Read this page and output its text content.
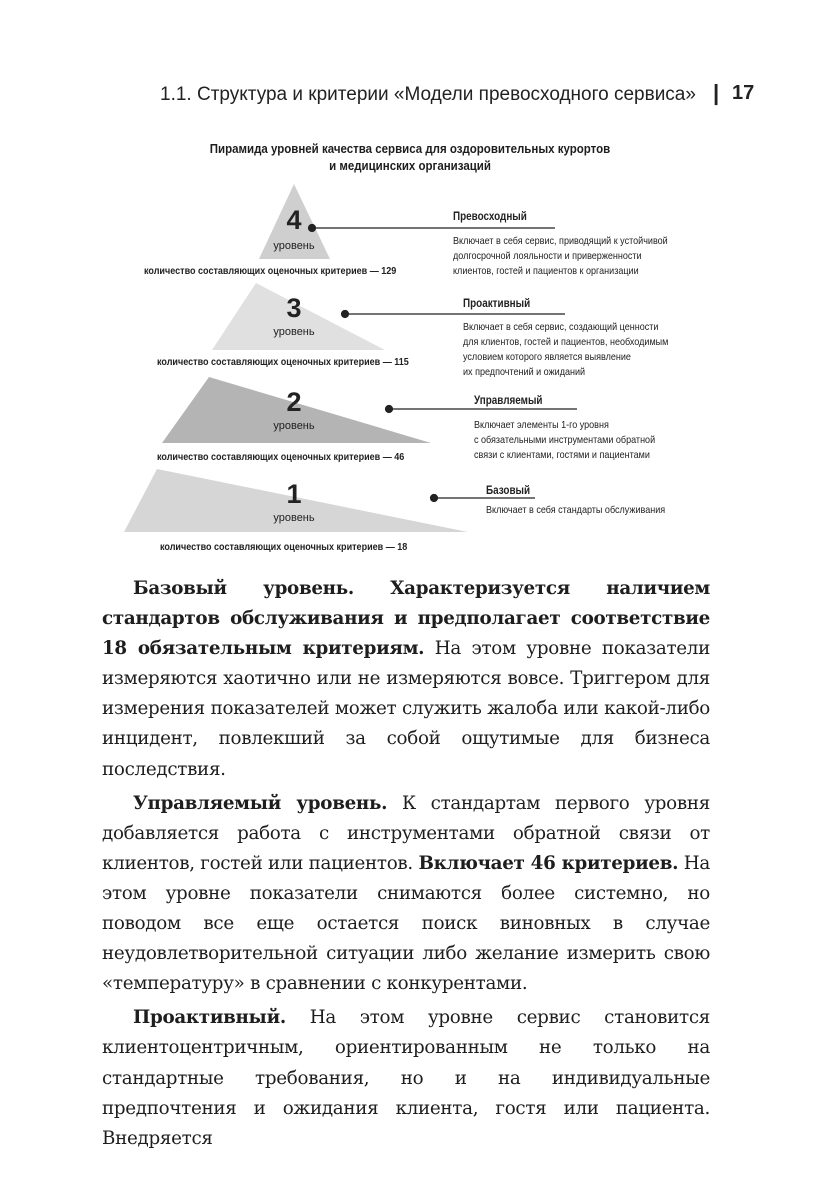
1.1. Структура и критерии «Модели превосходного сервиса» | 17
Пирамида уровней качества сервиса для оздоровительных курортов
и медицинских организаций
4
уровень
количество составляющих оценочных критериев — 129
Превосходный
Включает в себя сервис, приводящий к устойчивой
долгосрочной лояльности и приверженности
клиентов, гостей и пациентов к организации
3
уровень
количество составляющих оценочных критериев — 115
Проактивный
Включает в себя сервис, создающий ценности
для клиентов, гостей и пациентов, необходимым
условием которого является выявление
их предпочтений и ожиданий
2
уровень
количество составляющих оценочных критериев — 46
Управляемый
Включает элементы 1-го уровня
с обязательными инструментами обратной
связи с клиентами, гостями и пациентами
1
уровень
количество составляющих оценочных критериев — 18
Базовый
Включает в себя стандарты обслуживания

Базовый уровень. Характеризуется наличием стандартов обслуживания и предполагает соответствие 18 обязательным критериям. На этом уровне показатели измеряются хаотично или не измеряются вовсе. Триггером для измерения показателей может служить жалоба или какой-либо инцидент, повлекший за собой ощутимые для бизнеса последствия.

Управляемый уровень. К стандартам первого уровня добавляется работа с инструментами обратной связи от клиентов, гостей или пациентов. Включает 46 критериев. На этом уровне показатели снимаются более системно, но поводом все еще остается поиск виновных в случае неудовлетворительной ситуации либо желание измерить свою «температуру» в сравнении с конкурентами.

Проактивный. На этом уровне сервис становится клиентоцентричным, ориентированным не только на стандартные требования, но и на индивидуальные предпочтения и ожидания клиента, гостя или пациента. Внедряется
